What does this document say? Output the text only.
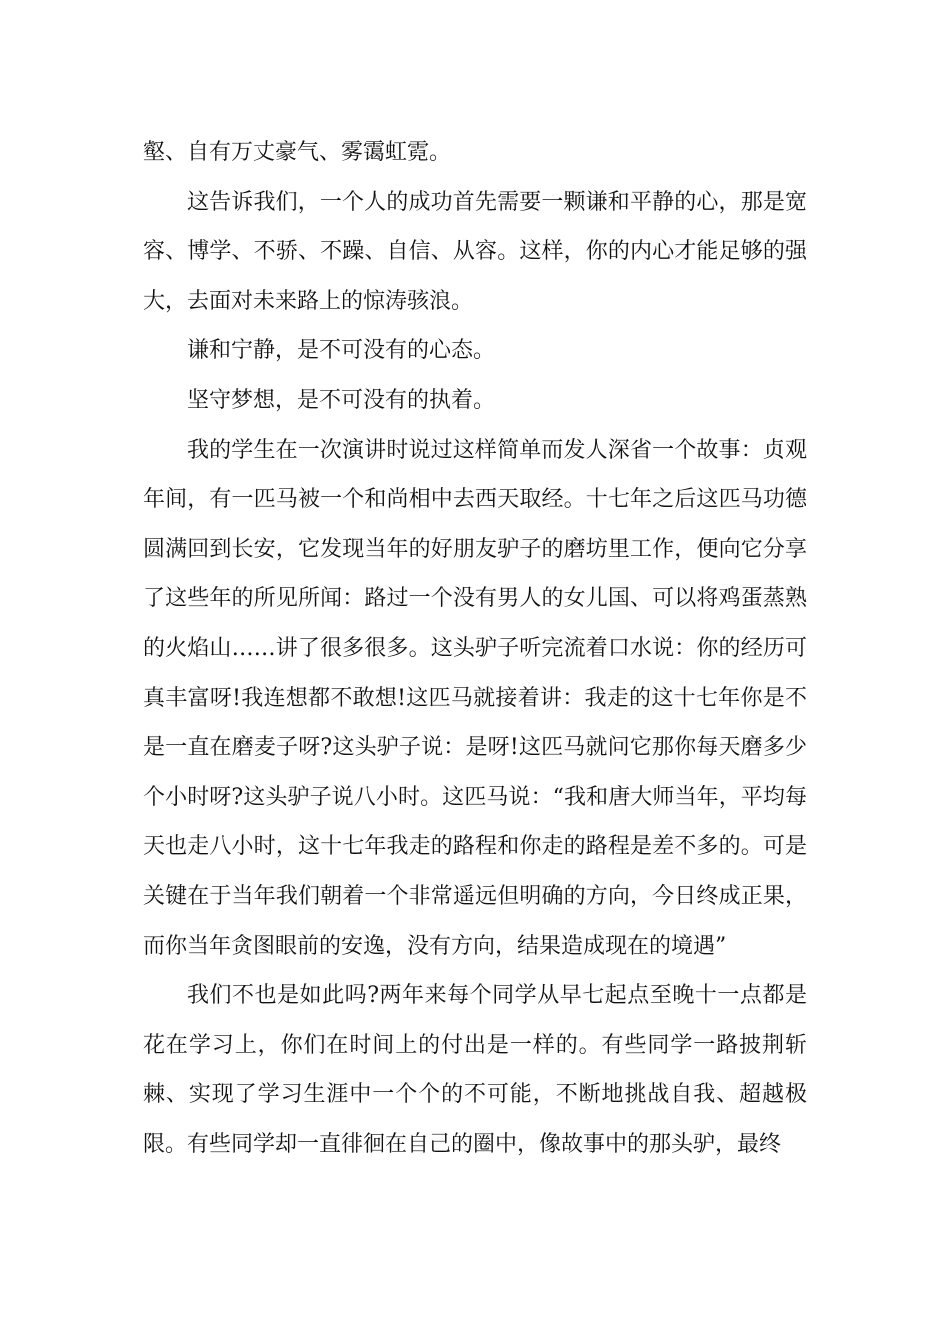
壑、自有万丈豪气、雾霭虹霓。

这告诉我们，一个人的成功首先需要一颗谦和平静的心，那是宽容、博学、不骄、不躁、自信、从容。这样，你的内心才能足够的强大，去面对未来路上的惊涛骇浪。

谦和宁静，是不可没有的心态。

坚守梦想，是不可没有的执着。

我的学生在一次演讲时说过这样简单而发人深省一个故事：贞观年间，有一匹马被一个和尚相中去西天取经。十七年之后这匹马功德圆满回到长安，它发现当年的好朋友驴子的磨坊里工作，便向它分享了这些年的所见所闻：路过一个没有男人的女儿国、可以将鸡蛋蒸熟的火焰山……讲了很多很多。这头驴子听完流着口水说：你的经历可真丰富呀!我连想都不敢想!这匹马就接着讲：我走的这十七年你是不是一直在磨麦子呀?这头驴子说：是呀!这匹马就问它那你每天磨多少个小时呀?这头驴子说八小时。这匹马说：“我和唐大师当年，平均每天也走八小时，这十七年我走的路程和你走的路程是差不多的。可是关键在于当年我们朝着一个非常遥远但明确的方向，今日终成正果，而你当年贪图眼前的安逸，没有方向，结果造成现在的境遇”

我们不也是如此吗?两年来每个同学从早七起点至晚十一点都是花在学习上，你们在时间上的付出是一样的。有些同学一路披荆斩棘、实现了学习生涯中一个个的不可能，不断地挑战自我、超越极限。有些同学却一直徘徊在自己的圈中，像故事中的那头驴，最终
